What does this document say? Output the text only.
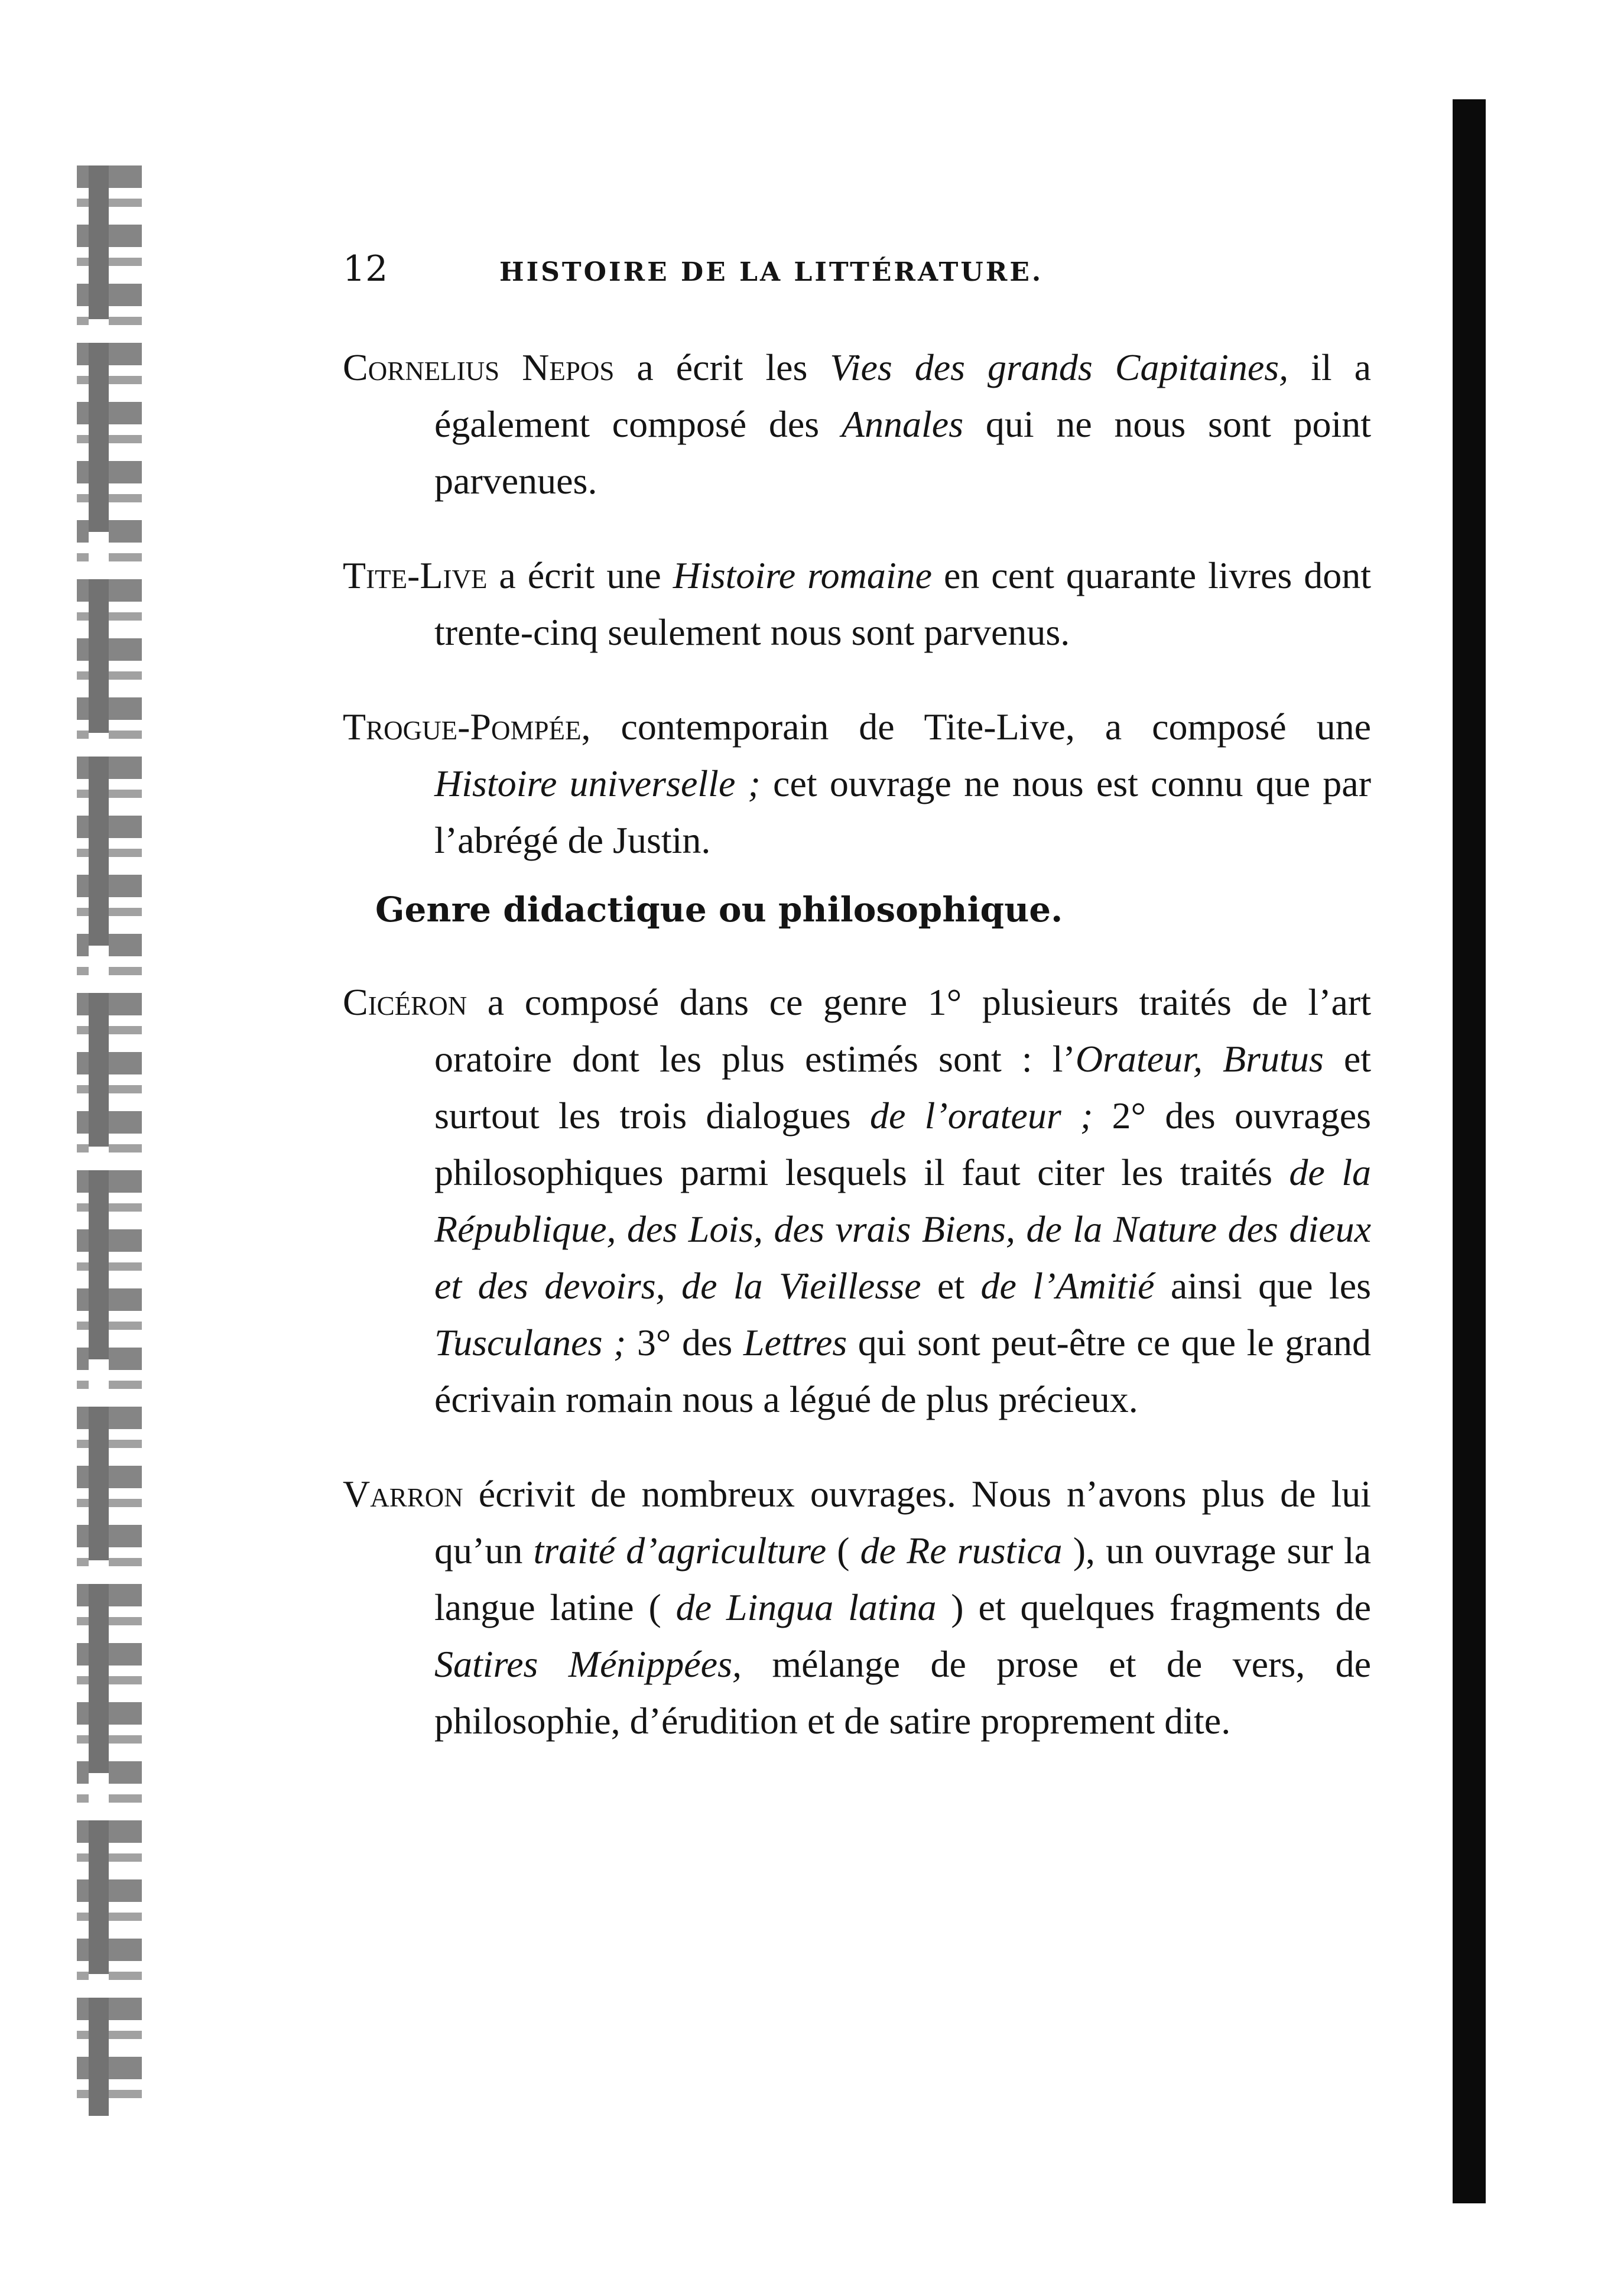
12	HISTOIRE DE LA LITTÉRATURE.

Cornelius Nepos a écrit les Vies des grands Capitaines, il a également composé des Annales qui ne nous sont point parvenues.

Tite-Live a écrit une Histoire romaine en cent quarante livres dont trente-cinq seulement nous sont parvenus.

Trogue-Pompée, contemporain de Tite-Live, a composé une Histoire universelle ; cet ouvrage ne nous est connu que par l’abrégé de Justin.

Genre didactique ou philosophique.

Cicéron a composé dans ce genre 1° plusieurs traités de l’art oratoire dont les plus estimés sont : l’Orateur, Brutus et surtout les trois dialogues de l’orateur ; 2° des ouvrages philosophiques parmi lesquels il faut citer les traités de la République, des Lois, des vrais Biens, de la Nature des dieux et des devoirs, de la Vieillesse et de l’Amitié ainsi que les Tusculanes ; 3° des Lettres qui sont peut-être ce que le grand écrivain romain nous a légué de plus précieux.

Varron écrivit de nombreux ouvrages. Nous n’avons plus de lui qu’un traité d’agriculture ( de Re rustica ), un ouvrage sur la langue latine ( de Lingua latina ) et quelques fragments de Satires Ménippées, mélange de prose et de vers, de philosophie, d’érudition et de satire proprement dite.
